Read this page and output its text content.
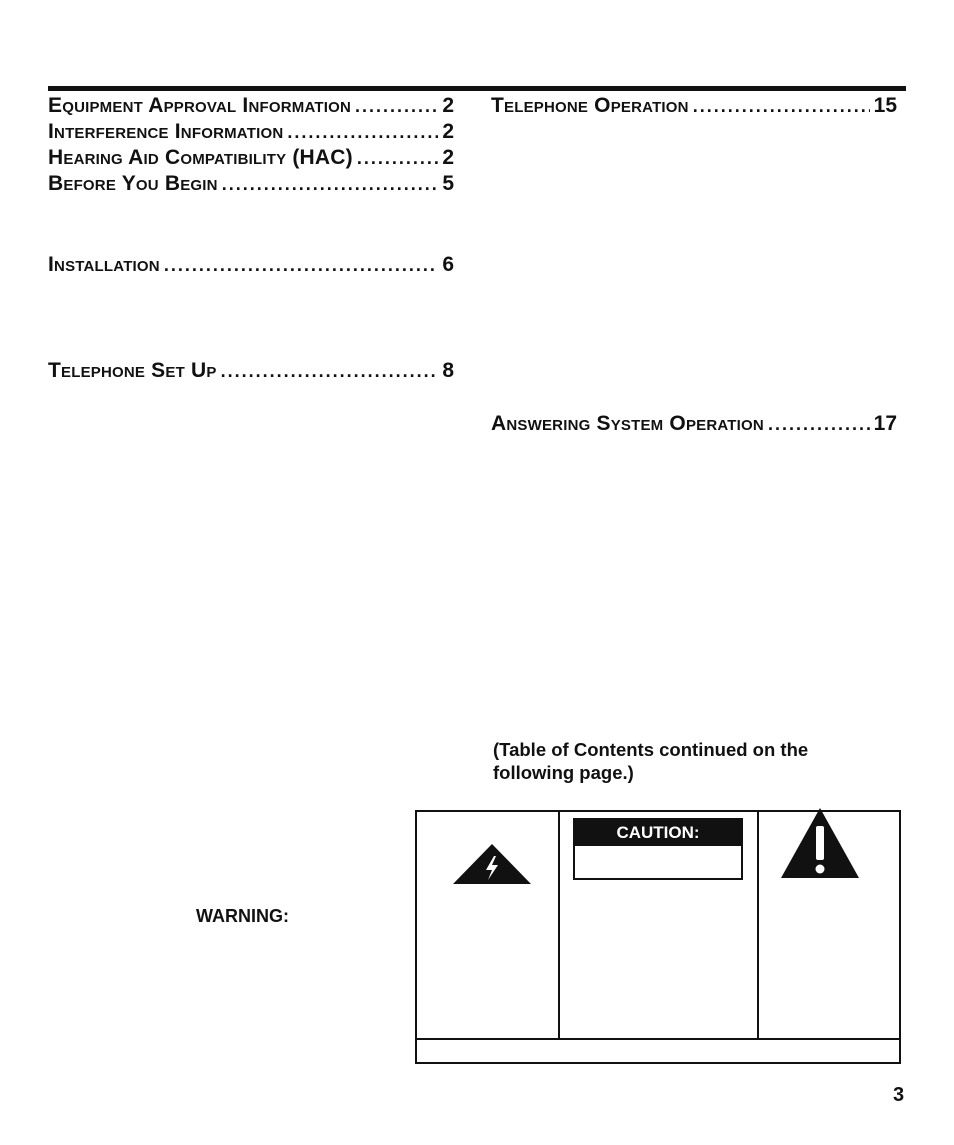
Equipment Approval Information .....	2
Interference Information .....	2
Hearing Aid Compatibility (HAC) .....	2
Before You Begin .....	5
Installation .....	6
Telephone Set Up .....	8
Telephone Operation .....	15
Answering System Operation .....	17
(Table of Contents continued on the following page.)
WARNING:
CAUTION:
3
